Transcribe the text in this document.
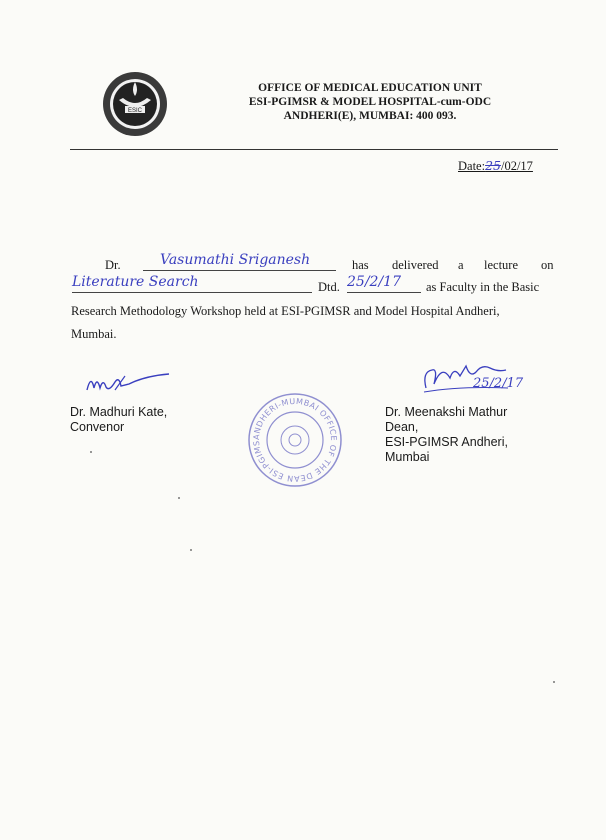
ESIC
OFFICE OF MEDICAL EDUCATION UNIT
ESI-PGIMSR & MODEL HOSPITAL-cum-ODC
ANDHERI(E), MUMBAI: 400 093.
Date:25/02/17
Dr.	Vasumathi Sriganesh	has delivered a lecture on
Literature Search	Dtd. 25/2/17 as Faculty in the Basic
Research Methodology Workshop held at ESI-PGIMSR and Model Hospital Andheri,
Mumbai.
Dr. Madhuri Kate,
Convenor
ANDHERI-MUMBAI OFFICE OF THE DEAN ESI-PGIMSR	25/2/17
Dr. Meenakshi Mathur
Dean,
ESI-PGIMSR Andheri,
Mumbai
